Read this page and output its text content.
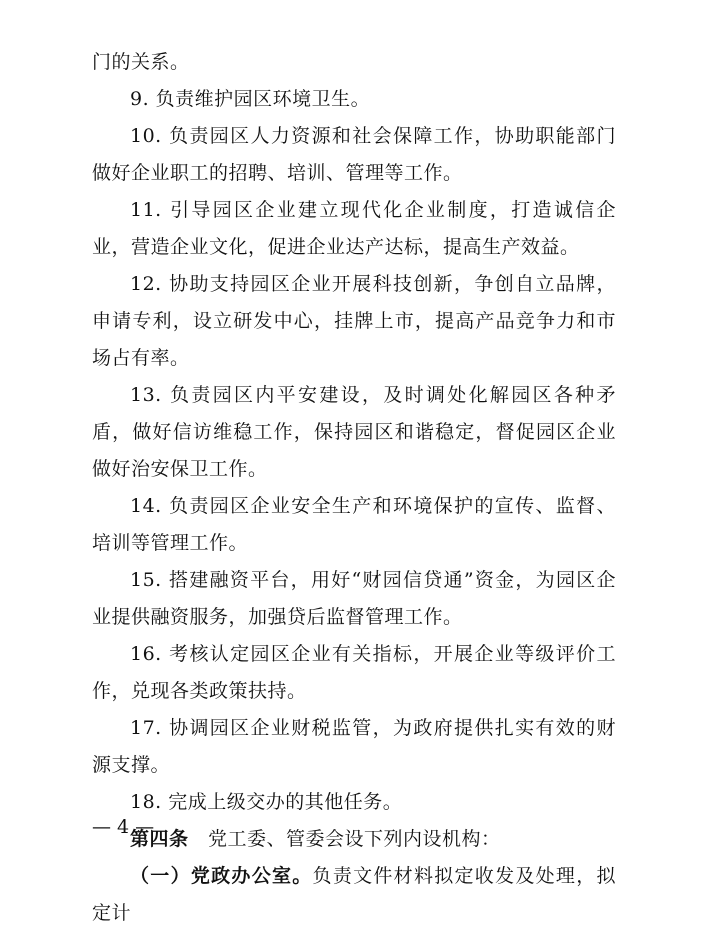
门的关系。

9. 负责维护园区环境卫生。

10. 负责园区人力资源和社会保障工作，协助职能部门做好企业职工的招聘、培训、管理等工作。

11. 引导园区企业建立现代化企业制度，打造诚信企业，营造企业文化，促进企业达产达标，提高生产效益。

12. 协助支持园区企业开展科技创新，争创自立品牌，申请专利，设立研发中心，挂牌上市，提高产品竞争力和市场占有率。

13. 负责园区内平安建设，及时调处化解园区各种矛盾，做好信访维稳工作，保持园区和谐稳定，督促园区企业做好治安保卫工作。

14. 负责园区企业安全生产和环境保护的宣传、监督、培训等管理工作。

15. 搭建融资平台，用好“财园信贷通”资金，为园区企业提供融资服务，加强贷后监督管理工作。

16. 考核认定园区企业有关指标，开展企业等级评价工作，兑现各类政策扶持。

17. 协调园区企业财税监管，为政府提供扎实有效的财源支撑。

18. 完成上级交办的其他任务。

第四条　党工委、管委会设下列内设机构：

（一）党政办公室。负责文件材料拟定收发及处理，拟定计

— 4 —
